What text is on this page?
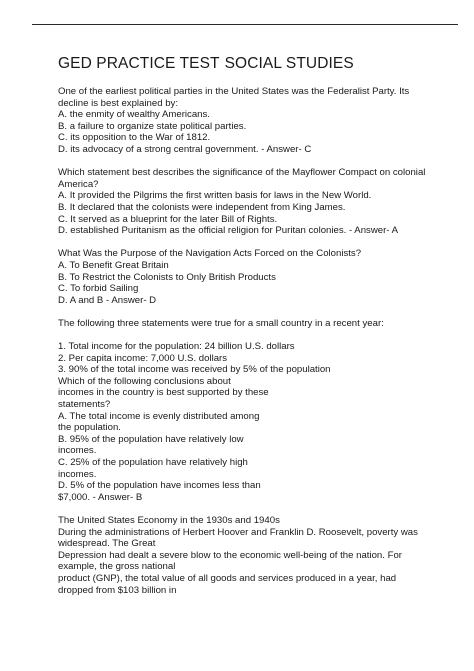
GED PRACTICE TEST SOCIAL STUDIES
One of the earliest political parties in the United States was the Federalist Party. Its
decline is best explained by:
A. the enmity of wealthy Americans.
B. a failure to organize state political parties.
C. its opposition to the War of 1812.
D. its advocacy of a strong central government. - Answer- C
Which statement best describes the significance of the Mayflower Compact on colonial
America?
A. It provided the Pilgrims the first written basis for laws in the New World.
B. It declared that the colonists were independent from King James.
C. It served as a blueprint for the later Bill of Rights.
D. established Puritanism as the official religion for Puritan colonies. - Answer- A
What Was the Purpose of the Navigation Acts Forced on the Colonists?
A. To Benefit Great Britain
B. To Restrict the Colonists to Only British Products
C. To forbid Sailing
D. A and B - Answer- D
The following three statements were true for a small country in a recent year:
1. Total income for the population: 24 billion U.S. dollars
2. Per capita income: 7,000 U.S. dollars
3. 90% of the total income was received by 5% of the population
Which of the following conclusions about
incomes in the country is best supported by these
statements?
A. The total income is evenly distributed among
the population.
B. 95% of the population have relatively low
incomes.
C. 25% of the population have relatively high
incomes.
D. 5% of the population have incomes less than
$7,000. - Answer- B
The United States Economy in the 1930s and 1940s
During the administrations of Herbert Hoover and Franklin D. Roosevelt, poverty was
widespread. The Great
Depression had dealt a severe blow to the economic well-being of the nation. For
example, the gross national
product (GNP), the total value of all goods and services produced in a year, had
dropped from $103 billion in
